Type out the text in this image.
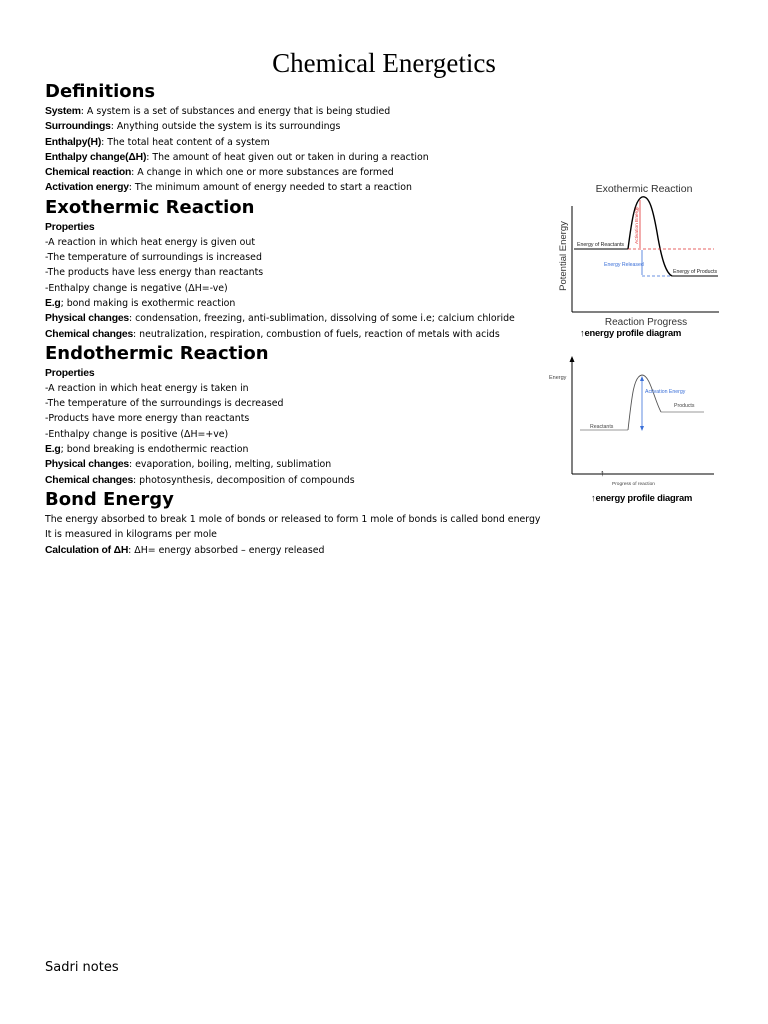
Chemical Energetics
Definitions
System: A system is a set of substances and energy that is being studied
Surroundings: Anything outside the system is its surroundings
Enthalpy(H): The total heat content of a system
Enthalpy change(ΔH): The amount of heat given out or taken in during a reaction
Chemical reaction: A change in which one or more substances are formed
Activation energy: The minimum amount of energy needed to start a reaction
Exothermic Reaction
Properties
-A reaction in which heat energy is given out
-The temperature of surroundings is increased
-The products have less energy than reactants
-Enthalpy change is negative (ΔH=-ve)
E.g; bond making is exothermic reaction
Physical changes: condensation, freezing, anti-sublimation, dissolving of some i.e; calcium chloride
Chemical changes: neutralization, respiration, combustion of fuels, reaction of metals with acids
Endothermic Reaction
Properties
-A reaction in which heat energy is taken in
-The temperature of the surroundings is decreased
-Products have more energy than reactants
-Enthalpy change is positive (ΔH=+ve)
E.g; bond breaking is endothermic reaction
Physical changes: evaporation, boiling, melting, sublimation
Chemical changes: photosynthesis, decomposition of compounds
Bond Energy
The energy absorbed to break 1 mole of bonds or released to form 1 mole of bonds is called bond energy
It is measured in kilograms per mole
Calculation of ΔH: ΔH= energy absorbed – energy released
Exothermic Reaction
Potential Energy Energy of Reactants
Energy of Products
Activation Energy
Energy Released
Reaction Progress
↑energy profile diagram
Energy
Reactants
Products
Activation Energy
↑
Progress of reaction
↑energy profile diagram
Sadri notes
